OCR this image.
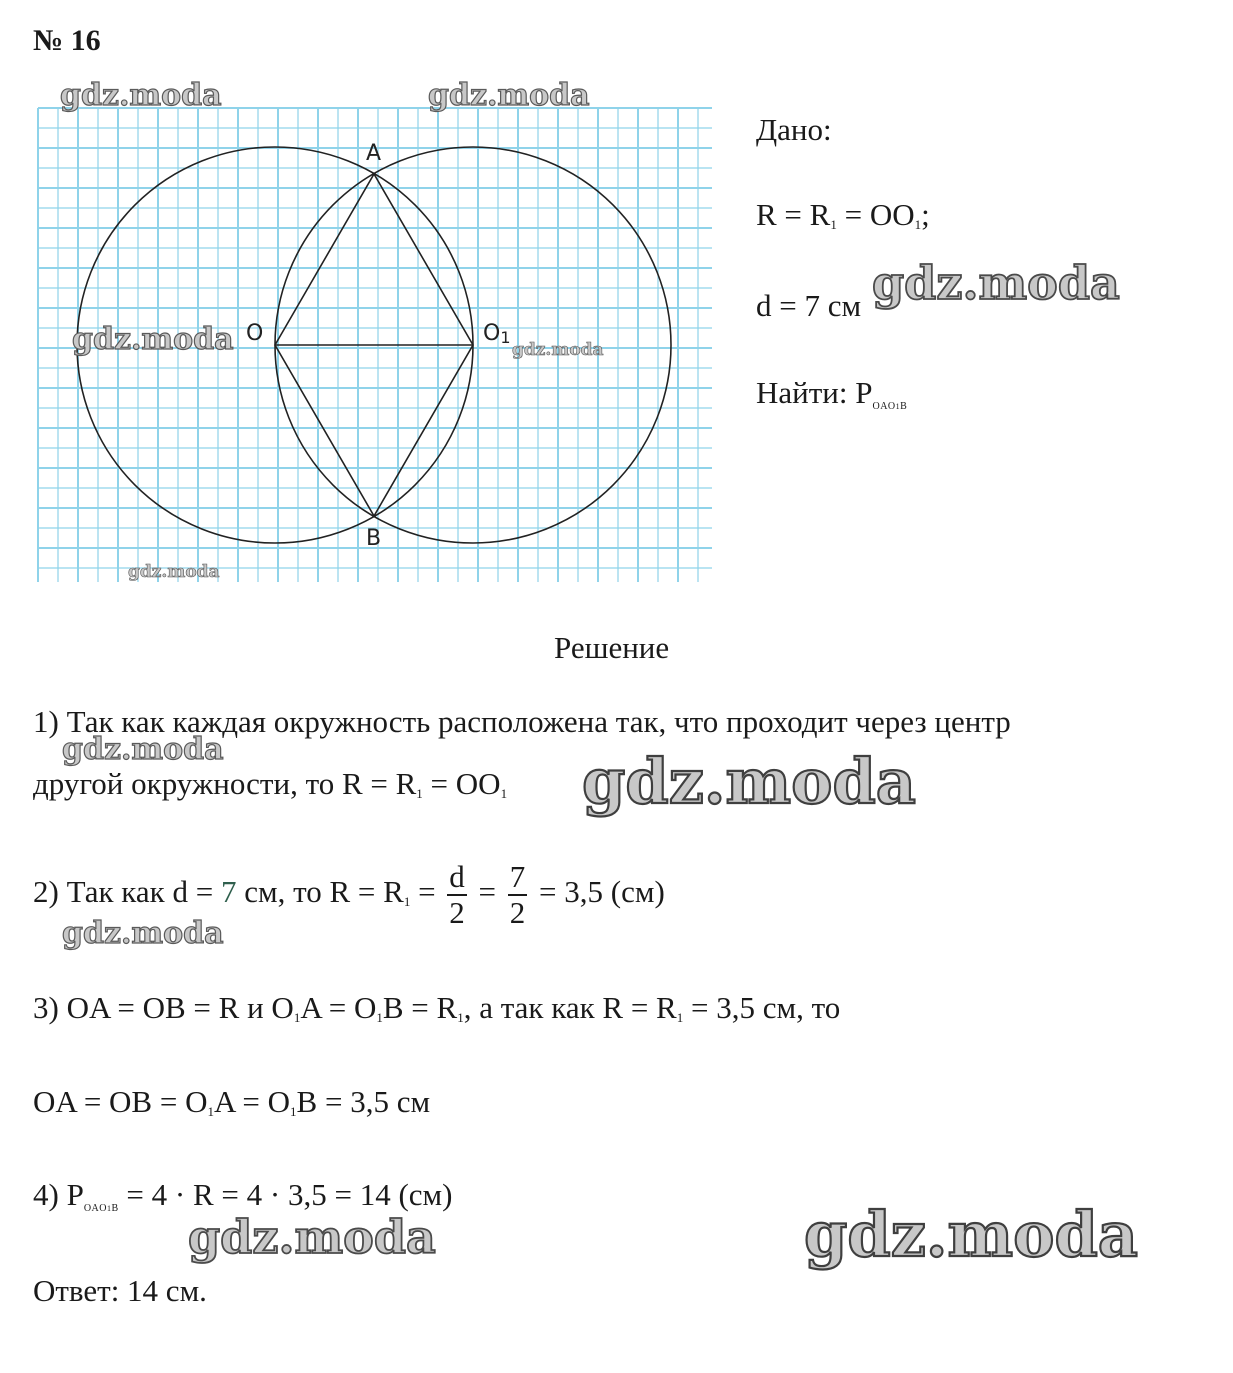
№ 16
A
B
O	O1
Дано:
$R = R_1 = OO_1$;
d = 7 см
Найти: POAO1B
Решение
1) Так как каждая окружность расположена так, что проходит через центр
другой окружности, то $R = R_1 = OO_1$
2) Так как d = 7 см, то $R = R_1 = \frac{d}{2} = \frac{7}{2} = 3,5$ (см)
3) OA = OB = R и $O_1A = O_1B = R_1$, а так как $R = R_1 = 3,5$ см, то
OA = OB = $O_1A = O_1B = 3,5$ см
4) POAO1B = 4 · R = 4 · 3,5 = 14 (см)
Ответ: 14 см.
gdz.moda	gdz.moda
gdz.moda	gdz.moda
gdz.moda
gdz.moda
gdz.moda	gdz.moda
gdz.moda
gdz.moda	gdz.moda
